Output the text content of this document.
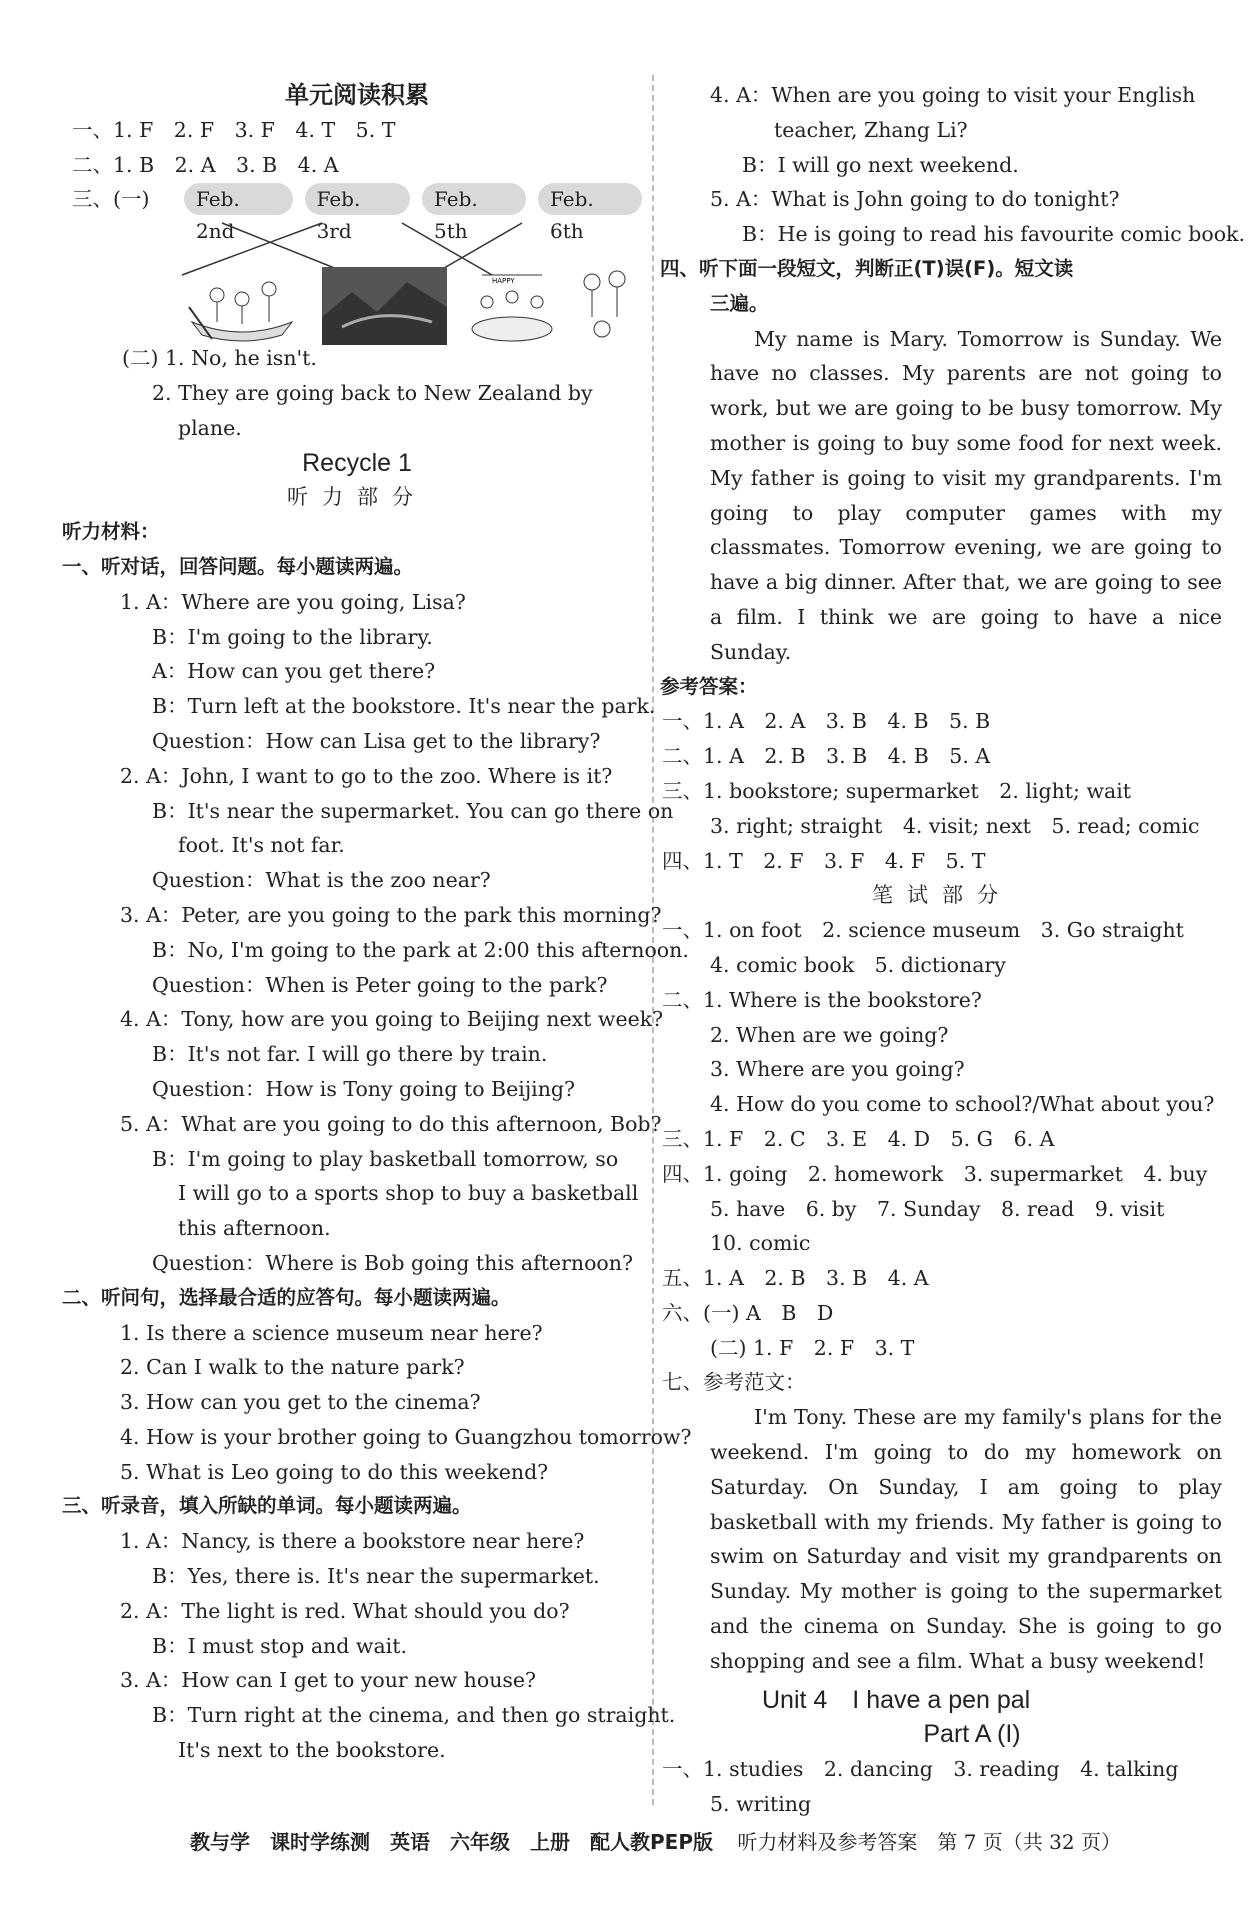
单元阅读积累
一、1. F　2. F　3. F　4. T　5. T
二、1. B　2. A　3. B　4. A
三、(一)	Feb. 2nd
Feb. 3rd
Feb. 5th
Feb. 6th
HAPPY
(二) 1. No, he isn't.
2. They are going back to New Zealand by
plane.
Recycle 1
听力部分
听力材料：
一、听对话，回答问题。每小题读两遍。
1. A：Where are you going, Lisa?
B：I'm going to the library.
A：How can you get there?
B：Turn left at the bookstore. It's near the park.
Question：How can Lisa get to the library?
2. A：John, I want to go to the zoo. Where is it?
B：It's near the supermarket. You can go there on
foot. It's not far.
Question：What is the zoo near?
3. A：Peter, are you going to the park this morning?
B：No, I'm going to the park at 2:00 this afternoon.
Question：When is Peter going to the park?
4. A：Tony, how are you going to Beijing next week?
B：It's not far. I will go there by train.
Question：How is Tony going to Beijing?
5. A：What are you going to do this afternoon, Bob?
B：I'm going to play basketball tomorrow, so
I will go to a sports shop to buy a basketball
this afternoon.
Question：Where is Bob going this afternoon?
二、听问句，选择最合适的应答句。每小题读两遍。
1. Is there a science museum near here?
2. Can I walk to the nature park?
3. How can you get to the cinema?
4. How is your brother going to Guangzhou tomorrow?
5. What is Leo going to do this weekend?
三、听录音，填入所缺的单词。每小题读两遍。
1. A：Nancy, is there a bookstore near here?
B：Yes, there is. It's near the supermarket.
2. A：The light is red. What should you do?
B：I must stop and wait.
3. A：How can I get to your new house?
B：Turn right at the cinema, and then go straight.
It's next to the bookstore.
4. A：When are you going to visit your English
teacher, Zhang Li?
B：I will go next weekend.
5. A：What is John going to do tonight?
B：He is going to read his favourite comic book.
四、听下面一段短文，判断正(T)误(F)。短文读
三遍。
My name is Mary. Tomorrow is Sunday. We have no classes. My parents are not going to work, but we are going to be busy tomorrow. My mother is going to buy some food for next week. My father is going to visit my grandparents. I'm going to play computer games with my classmates. Tomorrow evening, we are going to have a big dinner. After that, we are going to see a film. I think we are going to have a nice Sunday.
参考答案：
一、1. A　2. A　3. B　4. B　5. B
二、1. A　2. B　3. B　4. B　5. A
三、1. bookstore; supermarket　2. light; wait
3. right; straight　4. visit; next　5. read; comic
四、1. T　2. F　3. F　4. F　5. T
笔试部分
一、1. on foot　2. science museum　3. Go straight
4. comic book　5. dictionary
二、1. Where is the bookstore?
2. When are we going?
3. Where are you going?
4. How do you come to school?/What about you?
三、1. F　2. C　3. E　4. D　5. G　6. A
四、1. going　2. homework　3. supermarket　4. buy
5. have　6. by　7. Sunday　8. read　9. visit
10. comic
五、1. A　2. B　3. B　4. A
六、(一) A　B　D
(二) 1. F　2. F　3. T
七、参考范文：
I'm Tony. These are my family's plans for the weekend. I'm going to do my homework on Saturday. On Sunday, I am going to play basketball with my friends. My father is going to swim on Saturday and visit my grandparents on Sunday. My mother is going to the supermarket and the cinema on Sunday. She is going to go shopping and see a film. What a busy weekend!
Unit 4　I have a pen pal
Part A (I)
一、1. studies　2. dancing　3. reading　4. talking
5. writing
教与学　课时学练测　英语　六年级　上册　配人教PEP版 听力材料及参考答案　第 7 页（共 32 页）
